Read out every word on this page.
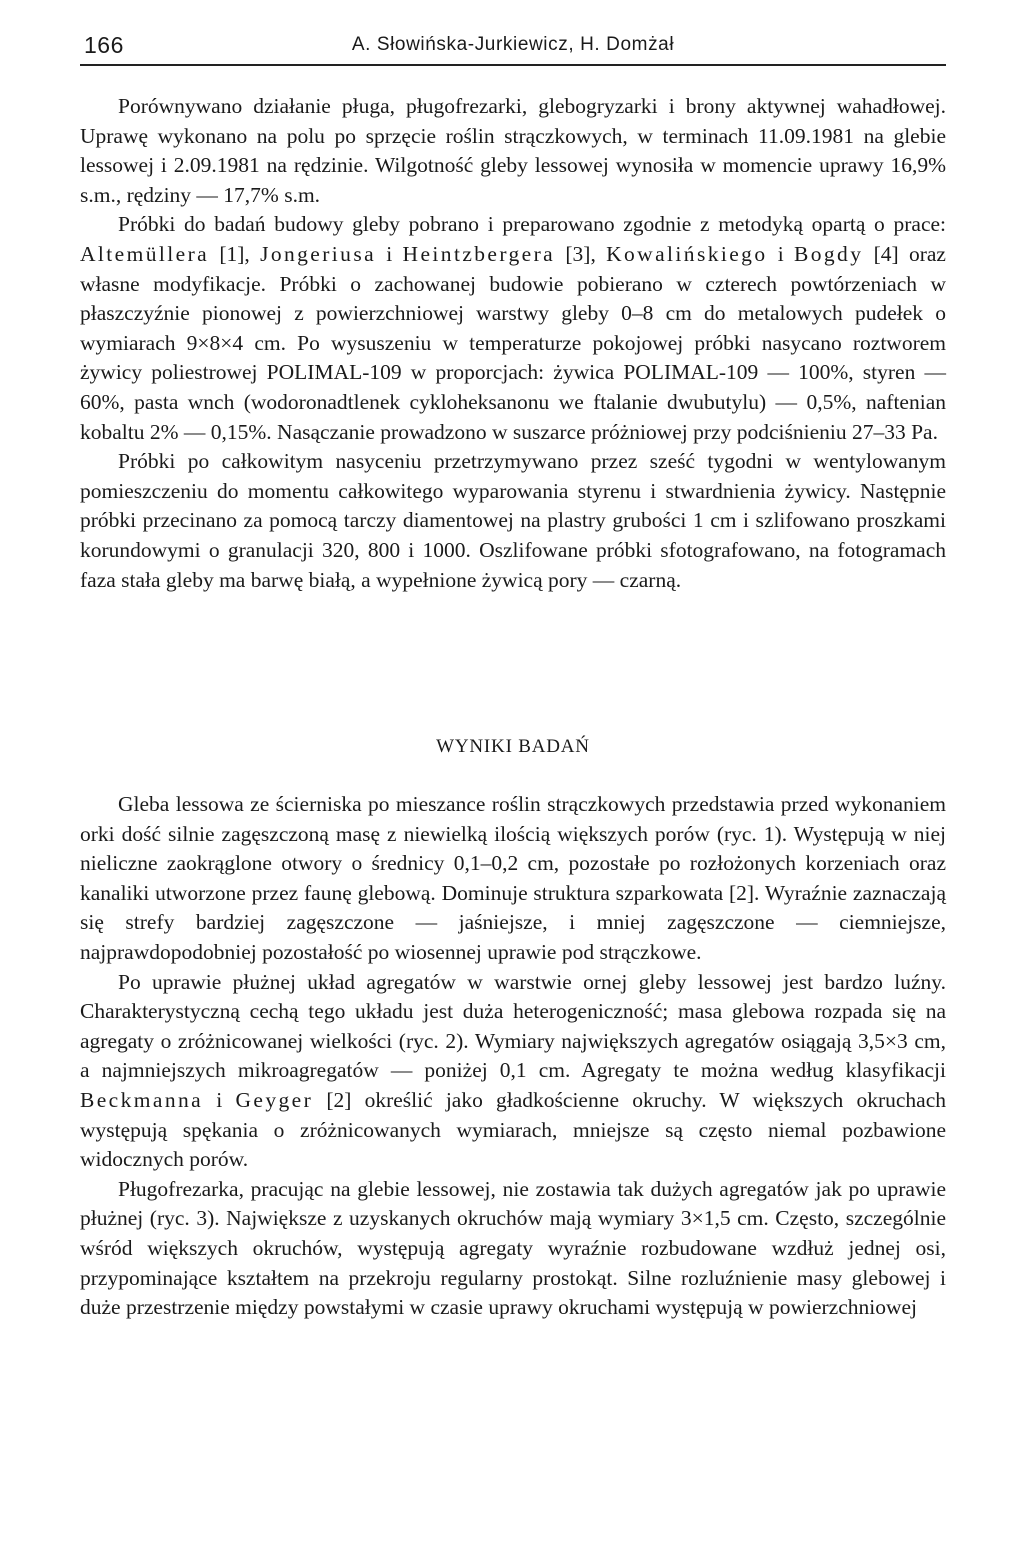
166	A. Słowińska-Jurkiewicz, H. Domżał

Porównywano działanie pługa, pługofrezarki, glebogryzarki i brony aktywnej wahadłowej. Uprawę wykonano na polu po sprzęcie roślin strączkowych, w terminach 11.09.1981 na glebie lessowej i 2.09.1981 na rędzinie. Wilgotność gleby lessowej wynosiła w momencie uprawy 16,9% s.m., rędziny — 17,7% s.m.

Próbki do badań budowy gleby pobrano i preparowano zgodnie z metodyką opartą o prace: Altemüllera [1], Jongeriusa i Heintzbergera [3], Kowalińskiego i Bogdy [4] oraz własne modyfikacje. Próbki o zachowanej budowie pobierano w czterech powtórzeniach w płaszczyźnie pionowej z powierzchniowej warstwy gleby 0–8 cm do metalowych pudełek o wymiarach 9×8×4 cm. Po wysuszeniu w temperaturze pokojowej próbki nasycano roztworem żywicy poliestrowej POLIMAL-109 w proporcjach: żywica POLIMAL-109 — 100%, styren — 60%, pasta wnch (wodoronadtlenek cykloheksanonu we ftalanie dwubutylu) — 0,5%, naftenian kobaltu 2% — 0,15%. Nasączanie prowadzono w suszarce próżniowej przy podciśnieniu 27–33 Pa.

Próbki po całkowitym nasyceniu przetrzymywano przez sześć tygodni w wentylowanym pomieszczeniu do momentu całkowitego wyparowania styrenu i stwardnienia żywicy. Następnie próbki przecinano za pomocą tarczy diamentowej na plastry grubości 1 cm i szlifowano proszkami korundowymi o granulacji 320, 800 i 1000. Oszlifowane próbki sfotografowano, na fotogramach faza stała gleby ma barwę białą, a wypełnione żywicą pory — czarną.

WYNIKI BADAŃ

Gleba lessowa ze ścierniska po mieszance roślin strączkowych przedstawia przed wykonaniem orki dość silnie zagęszczoną masę z niewielką ilością większych porów (ryc. 1). Występują w niej nieliczne zaokrąglone otwory o średnicy 0,1–0,2 cm, pozostałe po rozłożonych korzeniach oraz kanaliki utworzone przez faunę glebową. Dominuje struktura szparkowata [2]. Wyraźnie zaznaczają się strefy bardziej zagęszczone — jaśniejsze, i mniej zagęszczone — ciemniejsze, najprawdopodobniej pozostałość po wiosennej uprawie pod strączkowe.

Po uprawie płużnej układ agregatów w warstwie ornej gleby lessowej jest bardzo luźny. Charakterystyczną cechą tego układu jest duża heterogeniczność; masa glebowa rozpada się na agregaty o zróżnicowanej wielkości (ryc. 2). Wymiary największych agregatów osiągają 3,5×3 cm, a najmniejszych mikroagregatów — poniżej 0,1 cm. Agregaty te można według klasyfikacji Beckmanna i Geyger [2] określić jako gładkościenne okruchy. W większych okruchach występują spękania o zróżnicowanych wymiarach, mniejsze są często niemal pozbawione widocznych porów.

Pługofrezarka, pracując na glebie lessowej, nie zostawia tak dużych agregatów jak po uprawie płużnej (ryc. 3). Największe z uzyskanych okruchów mają wymiary 3×1,5 cm. Często, szczególnie wśród większych okruchów, występują agregaty wyraźnie rozbudowane wzdłuż jednej osi, przypominające kształtem na przekroju regularny prostokąt. Silne rozluźnienie masy glebowej i duże przestrzenie między powstałymi w czasie uprawy okruchami występują w powierzchniowej
